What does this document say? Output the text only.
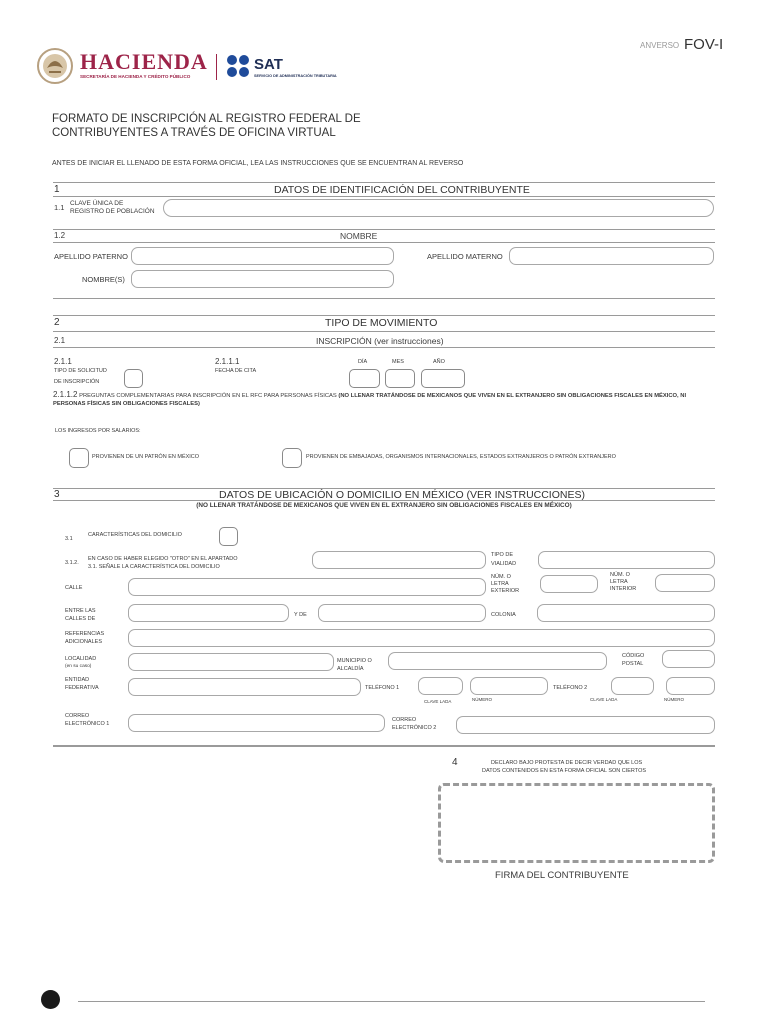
HACIENDA
SECRETARÍA DE HACIENDA Y CRÉDITO PÚBLICO
SAT
SERVICIO DE ADMINISTRACIÓN TRIBUTARIA
ANVERSO FOV-I
FORMATO DE INSCRIPCIÓN AL REGISTRO FEDERAL DE
CONTRIBUYENTES A TRAVÉS DE OFICINA VIRTUAL
ANTES DE INICIAR EL LLENADO DE ESTA FORMA OFICIAL, LEA LAS INSTRUCCIONES QUE SE ENCUENTRAN AL REVERSO
1	DATOS DE IDENTIFICACIÓN DEL CONTRIBUYENTE
1.1 CLAVE ÚNICA DE
REGISTRO DE POBLACIÓN
1.2	NOMBRE
APELLIDO PATERNO	APELLIDO MATERNO
NOMBRE(S)
2	TIPO DE MOVIMIENTO
2.1	INSCRIPCIÓN (ver instrucciones)
2.1.1
TIPO DE SOLICITUD
DE INSCRIPCIÓN
2.1.1.1
FECHA DE CITA
DÍA	MES	AÑO
2.1.1.2 PREGUNTAS COMPLEMENTARIAS PARA INSCRIPCIÓN EN EL RFC PARA PERSONAS FÍSICAS (NO LLENAR TRATÁNDOSE DE MEXICANOS QUE VIVEN EN EL EXTRANJERO SIN OBLIGACIONES FISCALES EN MÉXICO, NI PERSONAS FÍSICAS SIN OBLIGACIONES FISCALES)
LOS INGRESOS POR SALARIOS:
PROVIENEN DE UN PATRÓN EN MÉXICO	PROVIENEN DE EMBAJADAS, ORGANISMOS INTERNACIONALES, ESTADOS EXTRANJEROS O PATRÓN EXTRANJERO
3	DATOS DE UBICACIÓN O DOMICILIO EN MÉXICO (VER INSTRUCCIONES)
(NO LLENAR TRATÁNDOSE DE MEXICANOS QUE VIVEN EN EL EXTRANJERO SIN OBLIGACIONES FISCALES EN MÉXICO)
3.1
CARACTERÍSTICAS DEL DOMICILIO
3.1.2.
EN CASO DE HABER ELEGIDO "OTRO" EN EL APARTADO
3.1. SEÑALE LA CARACTERÍSTICA DEL DOMICILIO
TIPO DE
VIALIDAD
CALLE
NÚM. O
LETRA
EXTERIOR
NÚM. O
LETRA
INTERIOR
ENTRE LAS
CALLES DE
Y DE	COLONIA
REFERENCIAS
ADICIONALES
LOCALIDAD
(en su caso)
MUNICIPIO O
ALCALDÍA
CÓDIGO
POSTAL
ENTIDAD
FEDERATIVA	TELÉFONO 1	TELÉFONO 2
CLAVE LADA	NÚMERO	CLAVE LADA	NÚMERO
CORREO
ELECTRÓNICO 1
CORREO
ELECTRÓNICO 2
4	DECLARO BAJO PROTESTA DE DECIR VERDAD QUE LOS
DATOS CONTENIDOS EN ESTA FORMA OFICIAL SON CIERTOS
FIRMA DEL CONTRIBUYENTE
